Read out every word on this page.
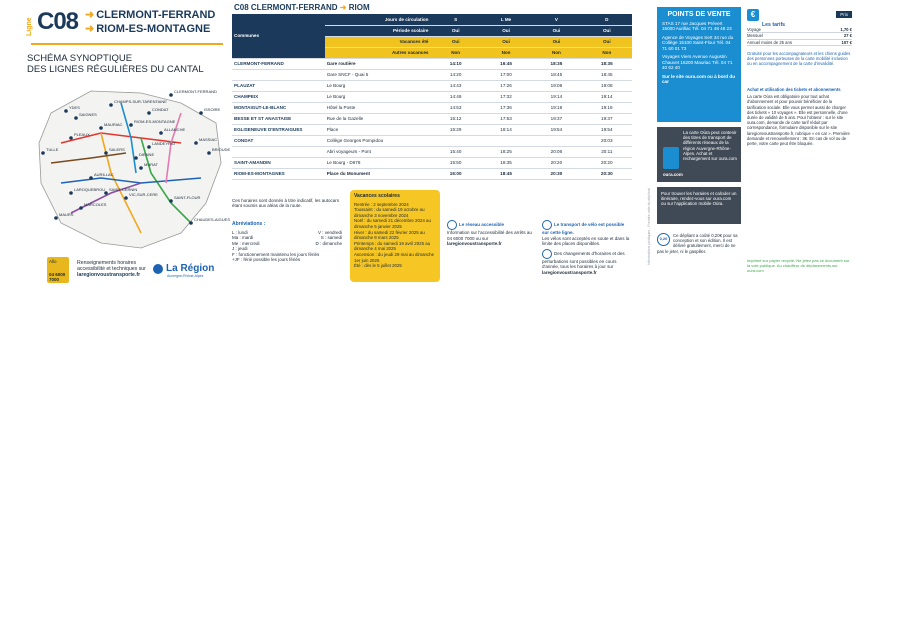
Ligne C08 ➜ CLERMONT-FERRAND
➜ RIOM-ES-MONTAGNE
SCHÉMA SYNOPTIQUE
DES LIGNES RÉGULIÈRES DU CANTAL
AURILLAC
MAURIAC
SAINT-FLOUR
MURAT
SAINT-CERNIN
RIOM-ES-MONTAGNE
PLEAUX
CHAUDES-AIGUES
MASSIAC
ALLANCHE
LANDEYRAT
DIENNE
MARCOLES
MAURS
LAROQUEBROU
SALERS
SAIGNES
CONDAT
YDES
CHAMPS-SUR-TARENTAINE
VIC-SUR-CERE
BRIOUDE
ISSOIRE
TULLE
CLERMONT-FERRAND
Allo
04 6000 7000
Renseignements horaires accessibilité et techniques sur laregionvoustransporte.fr
La Région
Auvergne-Rhône-Alpes
C08 CLERMONT-FERRAND ➜ RIOM
Communes	Jours de circulation	S	L Me	V	D
	Période scolaire	Oui	Oui	Oui	Oui
	Vacances été	Oui	Oui	Oui	Oui
	Autres vacances	Non	Non	Non	Non
CLERMONT-FERRAND	Gare routière	14:10	16:45	18:35	18:35
	Gare SNCF - Quai 5	14:20	17:00	18:45	18:45
PLAUZAT	Le Bourg	14:43	17:26	19:08	19:08
CHAMPEIX	Le Bourg	14:49	17:32	19:14	19:14
MONTAIGUT-LE-BLANC	Hôtel la Poste	14:53	17:36	19:18	19:18
BESSE ET ST ANASTAISE	Rue de la Gazelle	15:12	17:53	19:37	19:37
EGLISENEUVE D'ENTRAIGUES	Place	15:29	18:14	19:54	19:54
CONDAT	Collège Georges Pompidou				20:03
	Abri voyageurs - Pont	15:40	18:25	20:06	20:11
SAINT-AMANDIN	Le Bourg - D678	15:50	18:35	20:20	20:20
RIOM-ES-MONTAGNES	Place du Monument	16:00	18:45	20:30	20:30
Ces horaires sont donnés à titre indicatif, les autocars étant soumis aux aléas de la route.
Abréviations :
L : lundi	V : vendredi
Ma : mardi	S : samedi
Me : mercredi	D : dimanche
J : jeudi
F : fonctionnement maintenu les jours fériés
+JF : férié possible les jours fériés
Vacances scolaires
Rentrée : 2 septembre 2024
Toussaint : du samedi 19 octobre au dimanche 3 novembre 2024
Noël : du samedi 21 décembre 2024 au dimanche 5 janvier 2025
Hiver : du samedi 22 février 2025 au dimanche 9 mars 2025
Printemps : du samedi 19 avril 2025 au dimanche 4 mai 2025
Ascension : du jeudi 29 mai au dimanche 1er juin 2025
Été : dès le 5 juillet 2025
Le réseau accessible
Information sur l'accessibilité des arrêts au 04 6000 7000 ou sur
laregionvoustransporte.fr
Le transport de vélo est possible sur cette ligne.
Les vélos sont acceptés en soute et dans la limite des places disponibles.
Des changements d'horaires et des perturbations sont possibles en cours d'année, tous les horaires à jour sur
laregionvoustransporte.fr
Informations juridiques - Prendre note du dépliant
POINTS DE VENTE

STAS 17 rue Jacques Prévert 15000 Aurillac Tél. 04 71 48 48 23

Agence de Voyages Sert 34 rue du Collège 15100 Saint-Flour Tél. 04 71 60 01 73

Voyages Viers Avenue Augustin Chauvet 15200 Mauriac Tél. 04 71 40 62 40

Sur le site oura.com ou à bord du car

La carte Oùra peut contenir des titres de transport de différents réseaux de la région Auvergne-Rhône-Alpes. Achat et rechargement sur oura.com
oura.com
Pour trouver les horaires et calculer un itinéraire, rendez-vous sur oura.com ou sur l'application mobile Oùra.
0,20
Ce dépliant a coûté 0,20€ pour sa conception et son édition. Il est délivré gratuitement, merci de ne pas le jeter, ni le gaspiller.
€
Les tarifs
Prix
Voyage	1,70 €
Mensuel	27 €
Annuel moins de 25 ans	107 €
Gratuité pour les accompagnateurs et les chiens guides des personnes porteuses de la carte mobilité inclusion ou en accompagnement de la carte d'invalidité.
Achat et utilisation des tickets et abonnements
La carte Oùra est obligatoire pour tout achat d'abonnement et pour pouvoir bénéficier de la tarification sociale. Elle vous permet aussi de charger des tickets « 10 voyages ». Elle est personnelle, d'une durée de validité de 5 ans. Pour l'obtenir : sur le site oura.com, demande de carte tarif réduit par correspondance, formulaire disponible sur le site laregionvoustransporte.fr, rubrique « en car ». Première demande et renouvellement : 3€. En cas de vol ou de perte, votre carte peut être bloquée.
Imprimé sur papier recyclé. Ne jetez pas ce document sur la voie publique. Au chauffeur de déplacements sur oura.com
